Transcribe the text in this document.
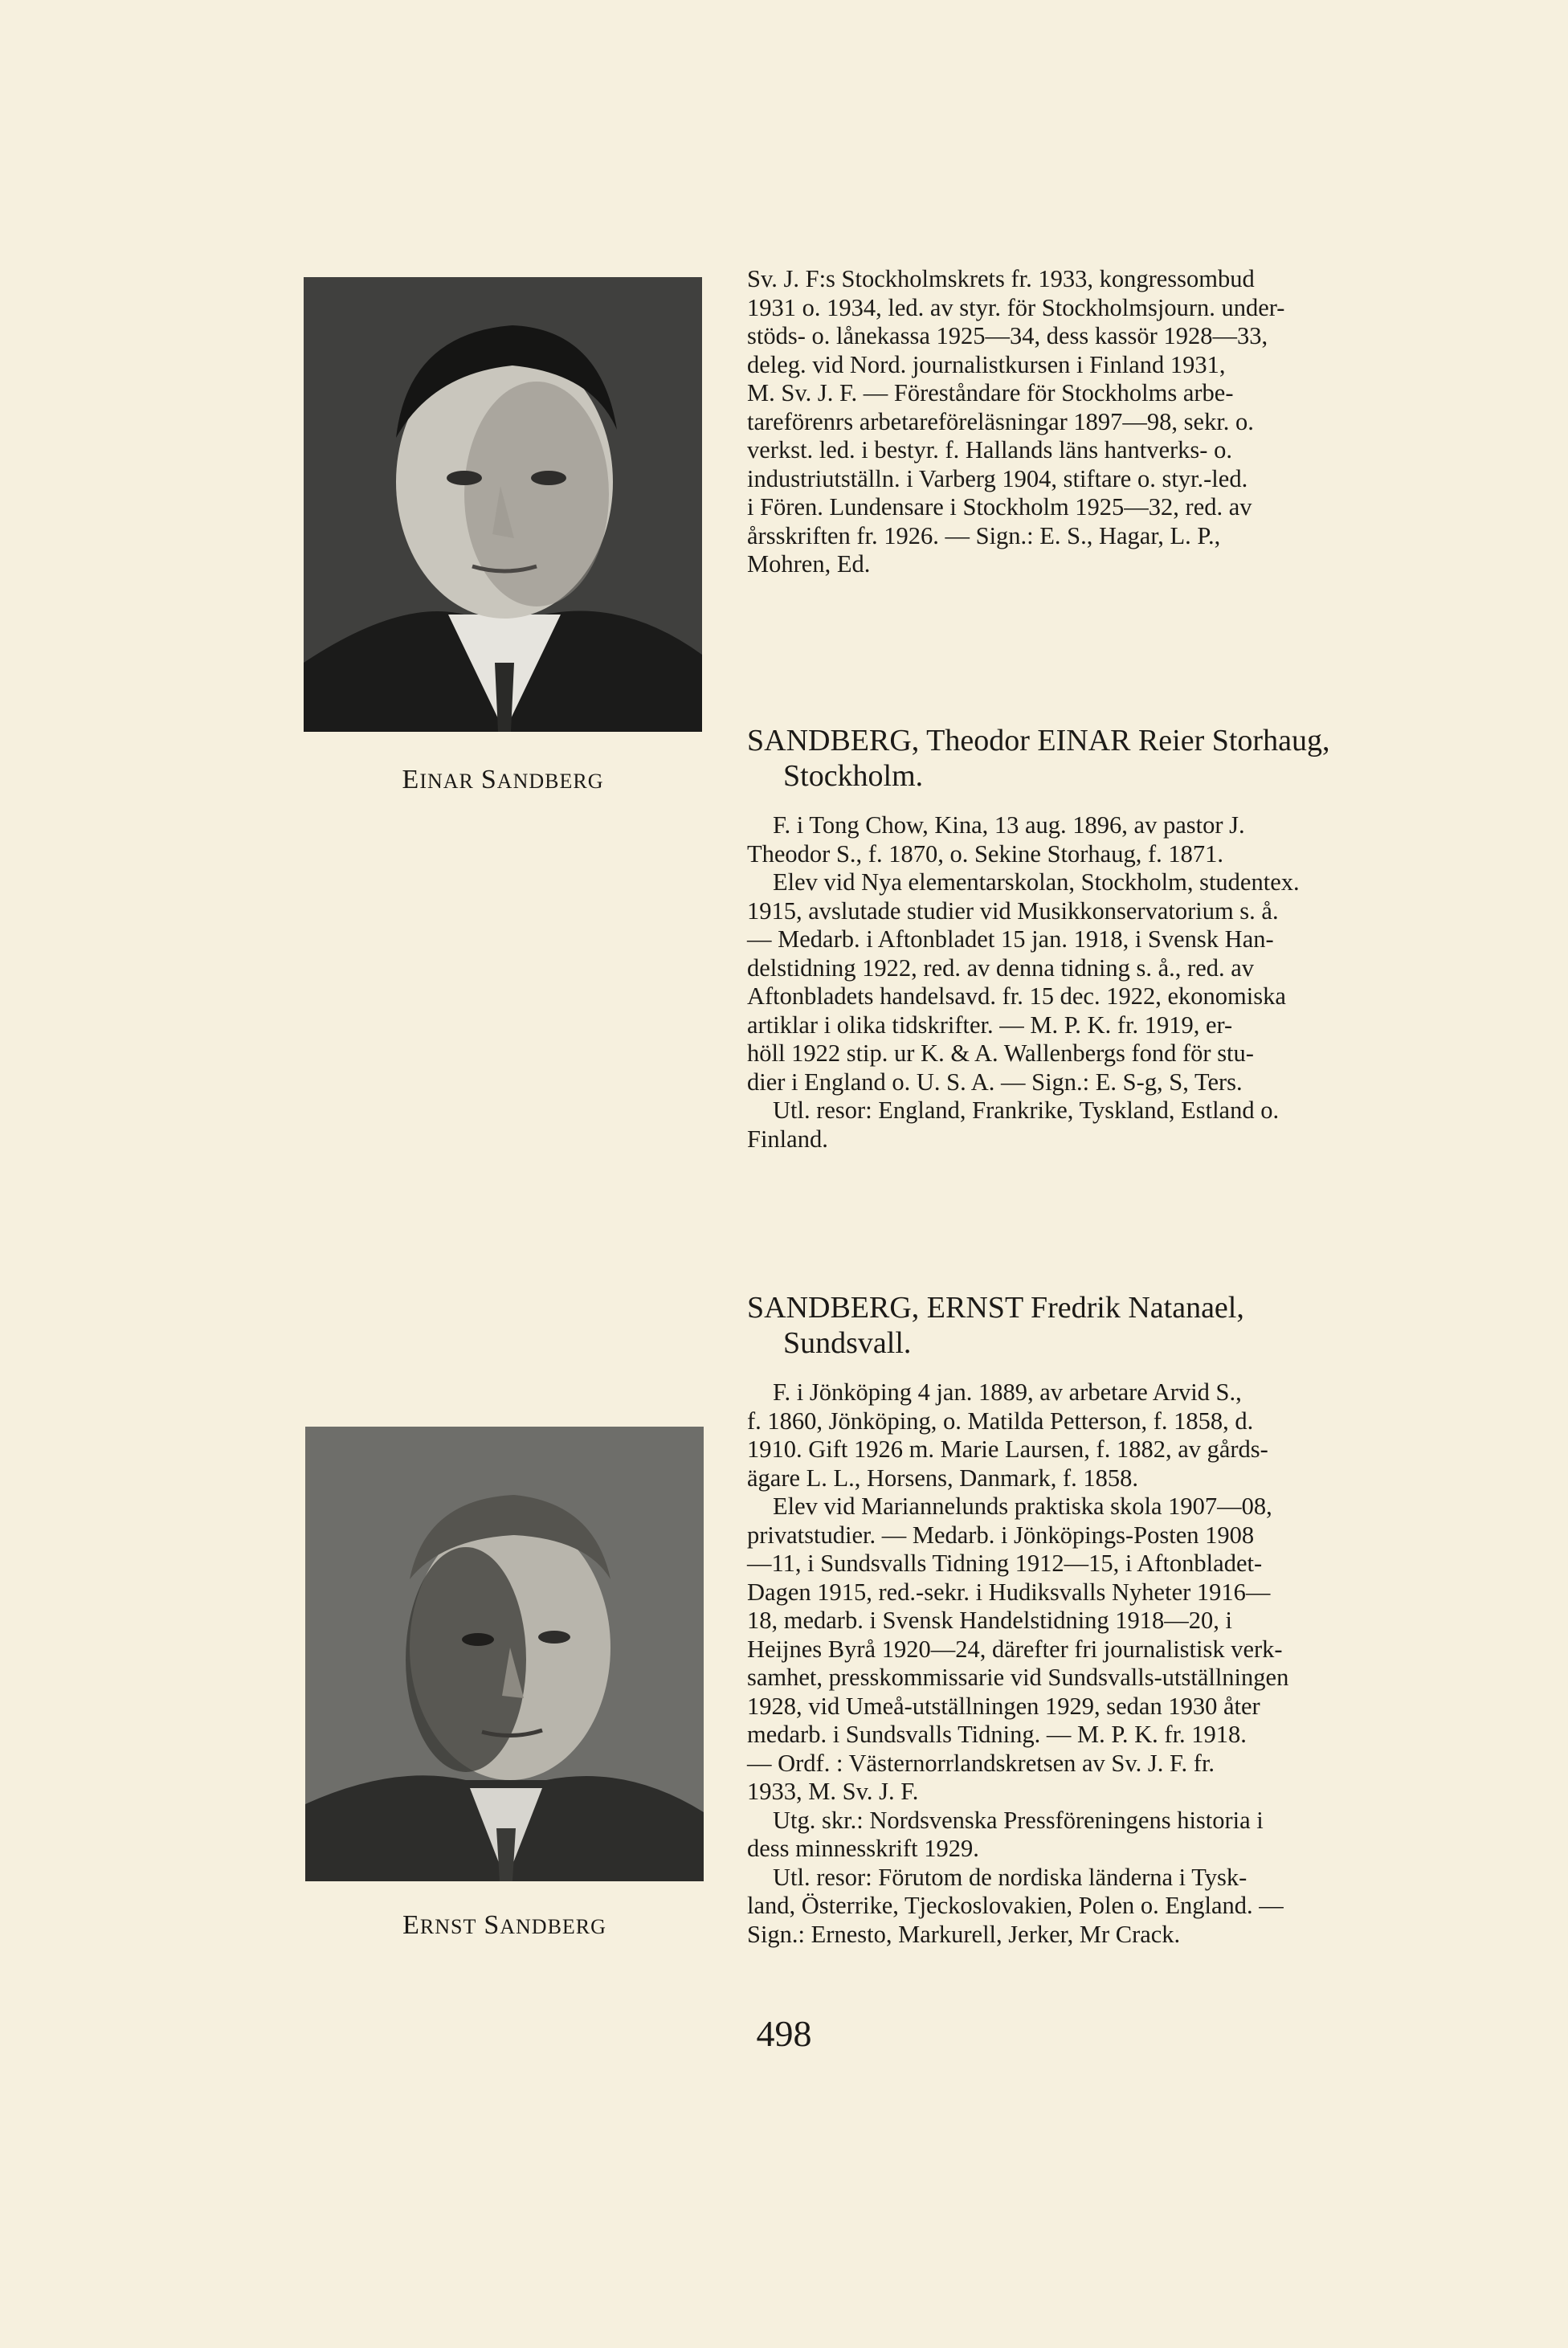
EINAR SANDBERG

Sv. J. F:s Stockholmskrets fr. 1933, kongressombud

1931 o. 1934, led. av styr. för Stockholmsjourn. under-

stöds- o. lånekassa 1925—34, dess kassör 1928—33,

deleg. vid Nord. journalistkursen i Finland 1931,

M. Sv. J. F. — Föreståndare för Stockholms arbe-

tareförenrs arbetareföreläsningar 1897—98, sekr. o.

verkst. led. i bestyr. f. Hallands läns hantverks- o.

industriutställn. i Varberg 1904, stiftare o. styr.-led.

i Fören. Lundensare i Stockholm 1925—32, red. av

årsskriften fr. 1926. — Sign.: E. S., Hagar, L. P.,

Mohren, Ed.

SANDBERG, Theodor EINAR Reier Storhaug,
Stockholm.

F. i Tong Chow, Kina, 13 aug. 1896, av pastor J.

Theodor S., f. 1870, o. Sekine Storhaug, f. 1871.

Elev vid Nya elementarskolan, Stockholm, studentex.

1915, avslutade studier vid Musikkonservatorium s. å.

— Medarb. i Aftonbladet 15 jan. 1918, i Svensk Han-

delstidning 1922, red. av denna tidning s. å., red. av

Aftonbladets handelsavd. fr. 15 dec. 1922, ekonomiska

artiklar i olika tidskrifter. — M. P. K. fr. 1919, er-

höll 1922 stip. ur K. & A. Wallenbergs fond för stu-

dier i England o. U. S. A. — Sign.: E. S-g, S, Ters.

Utl. resor: England, Frankrike, Tyskland, Estland o.

Finland.

SANDBERG, ERNST Fredrik Natanael,
Sundsvall.
ERNST SANDBERG

F. i Jönköping 4 jan. 1889, av arbetare Arvid S.,

f. 1860, Jönköping, o. Matilda Petterson, f. 1858, d.

1910. Gift 1926 m. Marie Laursen, f. 1882, av gårds-

ägare L. L., Horsens, Danmark, f. 1858.

Elev vid Mariannelunds praktiska skola 1907—08,

privatstudier. — Medarb. i Jönköpings-Posten 1908

—11, i Sundsvalls Tidning 1912—15, i Aftonbladet-

Dagen 1915, red.-sekr. i Hudiksvalls Nyheter 1916—

18, medarb. i Svensk Handelstidning 1918—20, i

Heijnes Byrå 1920—24, därefter fri journalistisk verk-

samhet, presskommissarie vid Sundsvalls-utställningen

1928, vid Umeå-utställningen 1929, sedan 1930 åter

medarb. i Sundsvalls Tidning. — M. P. K. fr. 1918.

— Ordf. : Västernorrlandskretsen av Sv. J. F. fr.

1933, M. Sv. J. F.

Utg. skr.: Nordsvenska Pressföreningens historia i

dess minnesskrift 1929.

Utl. resor: Förutom de nordiska länderna i Tysk-

land, Österrike, Tjeckoslovakien, Polen o. England. —

Sign.: Ernesto, Markurell, Jerker, Mr Crack.

498
